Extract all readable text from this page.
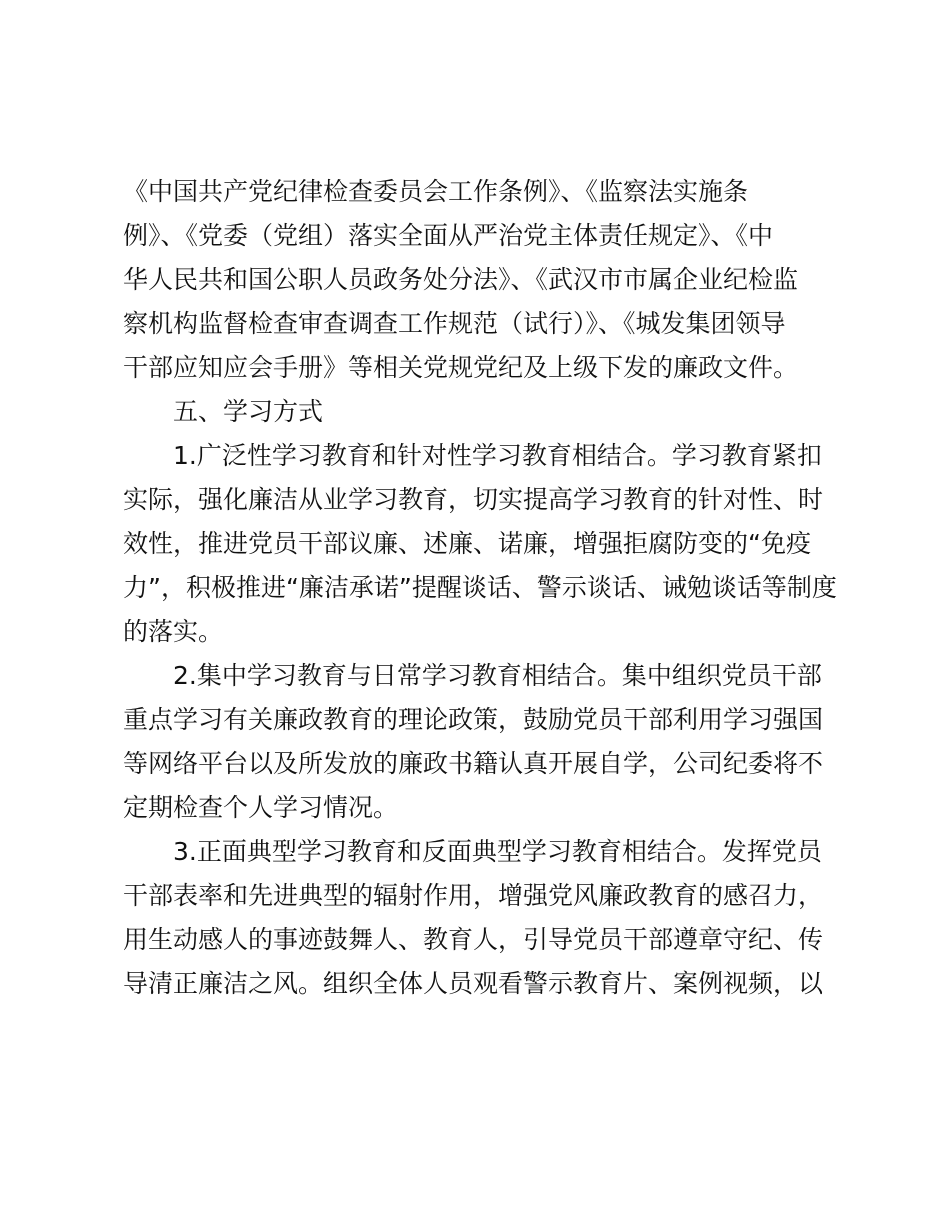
《中国共产党纪律检查委员会工作条例》、《监察法实施条
例》、《党委（党组）落实全面从严治党主体责任规定》、《中
华人民共和国公职人员政务处分法》、《武汉市市属企业纪检监
察机构监督检查审查调查工作规范（试行）》、《城发集团领导
干部应知应会手册》等相关党规党纪及上级下发的廉政文件。
五、学习方式
1.广泛性学习教育和针对性学习教育相结合。学习教育紧扣
实际，强化廉洁从业学习教育，切实提高学习教育的针对性、时
效性，推进党员干部议廉、述廉、诺廉，增强拒腐防变的“免疫
力”，积极推进“廉洁承诺”提醒谈话、警示谈话、诫勉谈话等制度
的落实。
2.集中学习教育与日常学习教育相结合。集中组织党员干部
重点学习有关廉政教育的理论政策，鼓励党员干部利用学习强国
等网络平台以及所发放的廉政书籍认真开展自学，公司纪委将不
定期检查个人学习情况。
3.正面典型学习教育和反面典型学习教育相结合。发挥党员
干部表率和先进典型的辐射作用，增强党风廉政教育的感召力，
用生动感人的事迹鼓舞人、教育人，引导党员干部遵章守纪、传
导清正廉洁之风。组织全体人员观看警示教育片、案例视频，以
